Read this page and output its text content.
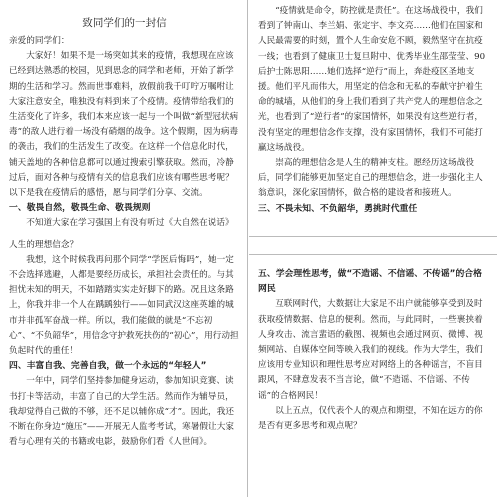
致同学们的一封信

亲爱的同学们：

大家好！如果不是一场突如其来的疫情，我想现在应该已经到达熟悉的校园，见到思念的同学和老师，开始了新学期的生活和学习。然而世事难料，放假前我千叮咛万嘱咐让大家注意安全，唯独没有料到来了个疫情。疫情带给我们的生活变化了许多，我们本来应该一起与一个叫做“新型冠状病毒”的敌人进行着一场没有硝烟的战争。这个假期，因为病毒的袭击，我们的生活发生了改变。在这样一个信息化时代，铺天盖地的各种信息都可以通过搜索引擎获取。然而，冷静过后，面对各种与疫情有关的信息我们应该有哪些思考呢？以下是我在疫情后的感悟，愿与同学们分享、交流。

一、敬畏自然，敬畏生命、敬畏规则

不知道大家在学习强国上有没有听过《大自然在说话》

人生的理想信念？

我想，这个时候我再问那个同学“学医后悔吗”，她一定不会选择逃避，人都是要经历成长，承担社会责任的。与其担忧未知的明天，不如踏踏实实走好脚下的路。况且这条路上，你我并非一个人在踽踽独行——如同武汉这座英雄的城市并非孤军奋战一样。所以，我们能做的就是“不忘初心”、“不负韶华”，用信念守护救死扶伤的“初心”，用行动担负起时代的重任！

四、丰富自我、完善自我，做一个永远的“年轻人”

一年中，同学们坚持参加健身运动，参加知识竞赛、读书打卡等活动，丰富了自己的大学生活。然而作为辅导员，我却觉得自己做的不够，还不足以辅你成“才”。因此，我还不断在你身边“施压”——开展无人监考考试，寒暑假让大家看与心理有关的书籍或电影，鼓励你们看《人世间》。

“疫情就是命令，防控就是责任”。在这场战役中，我们看到了钟南山、李兰娟、张定宇、李文亮……他们在国家和人民最需要的时刻，置个人生命安危不顾，毅然坚守在抗疫一线；也看到了健康卫士复旦附中、优秀毕业生邵莹莹、90后护士陈思阳……她们选择“逆行”而上，奔赴疫区圣地支援。他们平凡而伟大，用坚定的信念和无私的奉献守护着生命的城墙，从他们的身上我们看到了共产党人的理想信念之光，也看到了“逆行者”的家国情怀，如果没有这些逆行者，没有坚定的理想信念作支撑，没有家国情怀，我们不可能打赢这场战役。

崇高的理想信念是人生的精神支柱。愿经历这场战役后，同学们能够更加坚定自己的理想信念，进一步强化主人翁意识，深化家国情怀，做合格的建设者和接班人。

三、不畏未知、不负韶华，勇挑时代重任

五、学会理性思考，做“不造谣、不信谣、不传谣”的合格网民

互联网时代，大数据让大家足不出户就能够享受到及时获取疫情数据、信息的便利。然而，与此同时，一些裹挟着人身攻击、流言蜚语的截图、视频也会通过网页、微博、视频网站、自媒体空间等映入我们的视线。作为大学生，我们应该用专业知识和理性思考应对网络上的各种谣言，不盲目跟风，不肆意发表不当言论，做“不造谣、不信谣、不传谣”的合格网民！

以上五点，仅代表个人的观点和期望，不知在远方的你是否有更多思考和观点呢？
